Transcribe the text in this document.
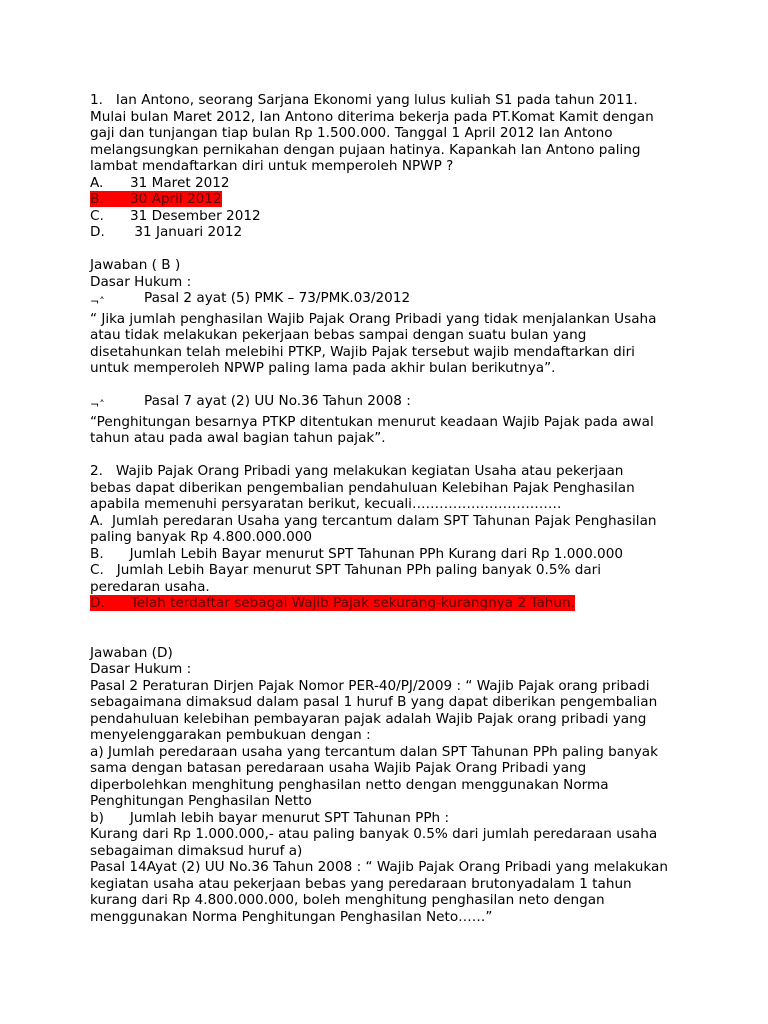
1.   Ian Antono, seorang Sarjana Ekonomi yang lulus kuliah S1 pada tahun 2011.
Mulai bulan Maret 2012, Ian Antono diterima bekerja pada PT.Komat Kamit dengan
gaji dan tunjangan tiap bulan Rp 1.500.000. Tanggal 1 April 2012 Ian Antono
melangsungkan pernikahan dengan pujaan hatinya. Kapankah Ian Antono paling
lambat mendaftarkan diri untuk memperoleh NPWP ?
A. 31 Maret 2012
B. 30 April 2012
C. 31 Desember 2012
D. 31 Januari 2012
Jawaban ( B )
Dasar Hukum :
¬˄	Pasal 2 ayat (5) PMK – 73/PMK.03/2012
“ Jika jumlah penghasilan Wajib Pajak Orang Pribadi yang tidak menjalankan Usaha
atau tidak melakukan pekerjaan bebas sampai dengan suatu bulan yang
disetahunkan telah melebihi PTKP, Wajib Pajak tersebut wajib mendaftarkan diri
untuk memperoleh NPWP paling lama pada akhir bulan berikutnya”.
¬˄	Pasal 7 ayat (2) UU No.36 Tahun 2008 :
“Penghitungan besarnya PTKP ditentukan menurut keadaan Wajib Pajak pada awal
tahun atau pada awal bagian tahun pajak”.
2.   Wajib Pajak Orang Pribadi yang melakukan kegiatan Usaha atau pekerjaan
bebas dapat diberikan pengembalian pendahuluan Kelebihan Pajak Penghasilan
apabila memenuhi persyaratan berikut, kecuali……………………………
A.  Jumlah peredaran Usaha yang tercantum dalam SPT Tahunan Pajak Penghasilan
paling banyak Rp 4.800.000.000
B.      Jumlah Lebih Bayar menurut SPT Tahunan PPh Kurang dari Rp 1.000.000
C.   Jumlah Lebih Bayar menurut SPT Tahunan PPh paling banyak 0.5% dari
peredaran usaha.
D.      Telah terdaftar sebagai Wajib Pajak sekurang-kurangnya 2 Tahun.
Jawaban (D)
Dasar Hukum :
Pasal 2 Peraturan Dirjen Pajak Nomor PER-40/PJ/2009 : “ Wajib Pajak orang pribadi
sebagaimana dimaksud dalam pasal 1 huruf B yang dapat diberikan pengembalian
pendahuluan kelebihan pembayaran pajak adalah Wajib Pajak orang pribadi yang
menyelenggarakan pembukuan dengan :
a) Jumlah peredaraan usaha yang tercantum dalan SPT Tahunan PPh paling banyak
sama dengan batasan peredaraan usaha Wajib Pajak Orang Pribadi yang
diperbolehkan menghitung penghasilan netto dengan menggunakan Norma
Penghitungan Penghasilan Netto
b)      Jumlah lebih bayar menurut SPT Tahunan PPh :
Kurang dari Rp 1.000.000,- atau paling banyak 0.5% dari jumlah peredaraan usaha
sebagaiman dimaksud huruf a)
Pasal 14Ayat (2) UU No.36 Tahun 2008 : “ Wajib Pajak Orang Pribadi yang melakukan
kegiatan usaha atau pekerjaan bebas yang peredaraan brutonyadalam 1 tahun
kurang dari Rp 4.800.000.000, boleh menghitung penghasilan neto dengan
menggunakan Norma Penghitungan Penghasilan Neto……”
